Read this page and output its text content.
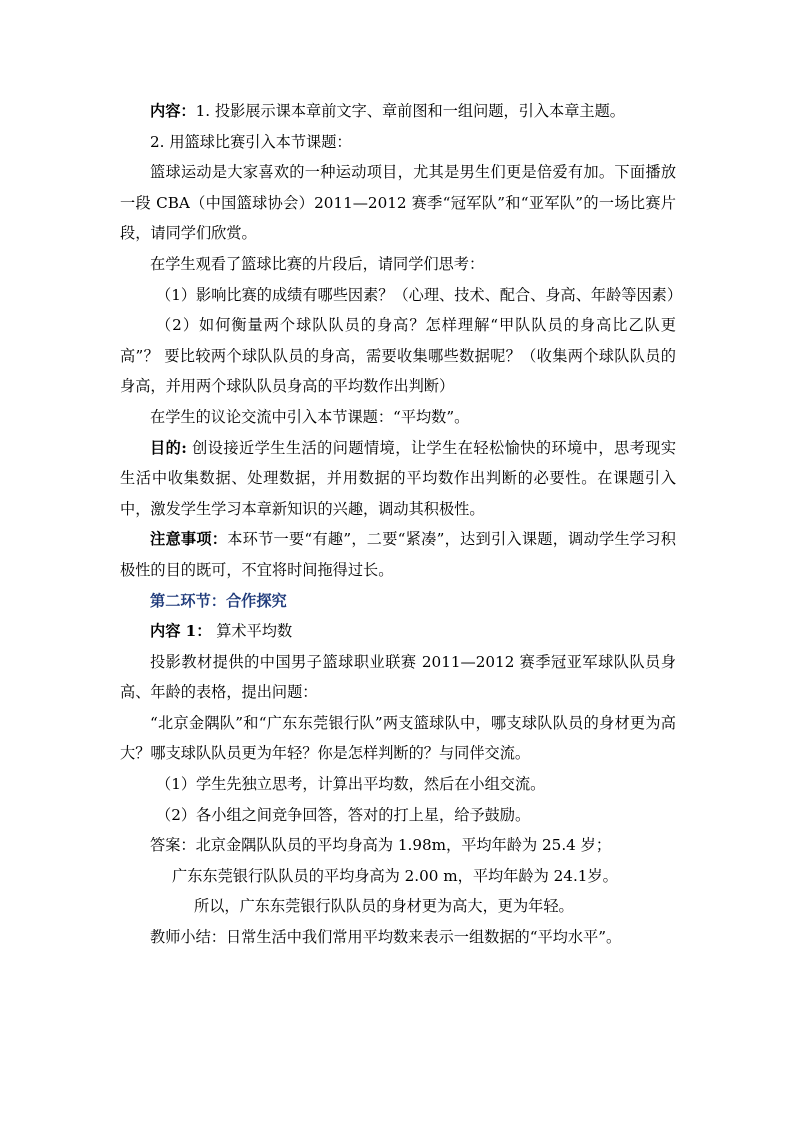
内容：1. 投影展示课本章前文字、章前图和一组问题，引入本章主题。

2. 用篮球比赛引入本节课题：

篮球运动是大家喜欢的一种运动项目，尤其是男生们更是倍爱有加。下面播放一段 CBA（中国篮球协会）2011—2012 赛季“冠军队”和“亚军队”的一场比赛片段，请同学们欣赏。

在学生观看了篮球比赛的片段后，请同学们思考：

（1）影响比赛的成绩有哪些因素？（心理、技术、配合、身高、年龄等因素）

（2）如何衡量两个球队队员的身高？怎样理解“甲队队员的身高比乙队更高”？ 要比较两个球队队员的身高，需要收集哪些数据呢？（收集两个球队队员的身高，并用两个球队队员身高的平均数作出判断）

在学生的议论交流中引入本节课题：“平均数”。

目的: 创设接近学生生活的问题情境，让学生在轻松愉快的环境中，思考现实生活中收集数据、处理数据，并用数据的平均数作出判断的必要性。在课题引入中，激发学生学习本章新知识的兴趣，调动其积极性。

注意事项：本环节一要“有趣”，二要“紧凑”，达到引入课题，调动学生学习积极性的目的既可，不宜将时间拖得过长。

第二环节：合作探究

内容 1： 算术平均数

投影教材提供的中国男子篮球职业联赛 2011—2012 赛季冠亚军球队队员身高、年龄的表格，提出问题：

“北京金隅队”和“广东东莞银行队”两支篮球队中，哪支球队队员的身材更为高大？哪支球队队员更为年轻？你是怎样判断的？与同伴交流。

（1）学生先独立思考，计算出平均数，然后在小组交流。

（2）各小组之间竞争回答，答对的打上星，给予鼓励。

答案：北京金隅队队员的平均身高为 1.98m，平均年龄为 25.4 岁；

广东东莞银行队队员的平均身高为 2.00 m，平均年龄为 24.1岁。

所以，广东东莞银行队队员的身材更为高大，更为年轻。

教师小结：日常生活中我们常用平均数来表示一组数据的“平均水平”。
